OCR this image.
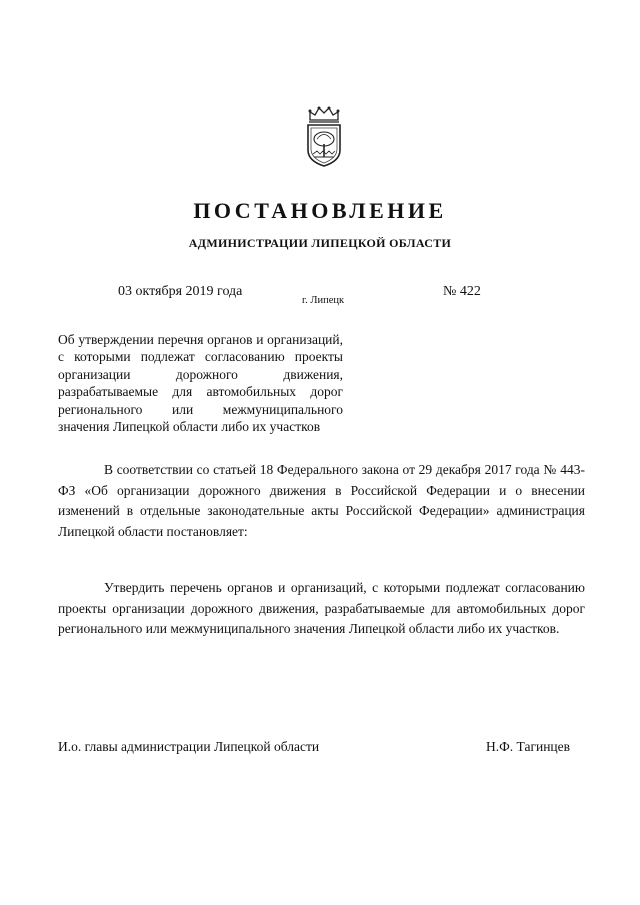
ПОСТАНОВЛЕНИЕ
АДМИНИСТРАЦИИ ЛИПЕЦКОЙ ОБЛАСТИ
03 октября 2019 года
г. Липецк
№ 422

Об утверждении перечня органов и организаций, с которыми подлежат согласованию проекты организации дорожного движения, разрабатываемые для автомобильных дорог регионального или межмуниципального значения Липецкой области либо их участков

В соответствии со статьей 18 Федерального закона от 29 декабря 2017 года № 443-ФЗ «Об организации дорожного движения в Российской Федерации и о внесении изменений в отдельные законодательные акты Российской Федерации» администрация Липецкой области постановляет:

Утвердить перечень органов и организаций, с которыми подлежат согласованию проекты организации дорожного движения, разрабатываемые для автомобильных дорог регионального или межмуниципального значения Липецкой области либо их участков.

И.о. главы администрации Липецкой области	Н.Ф. Тагинцев
